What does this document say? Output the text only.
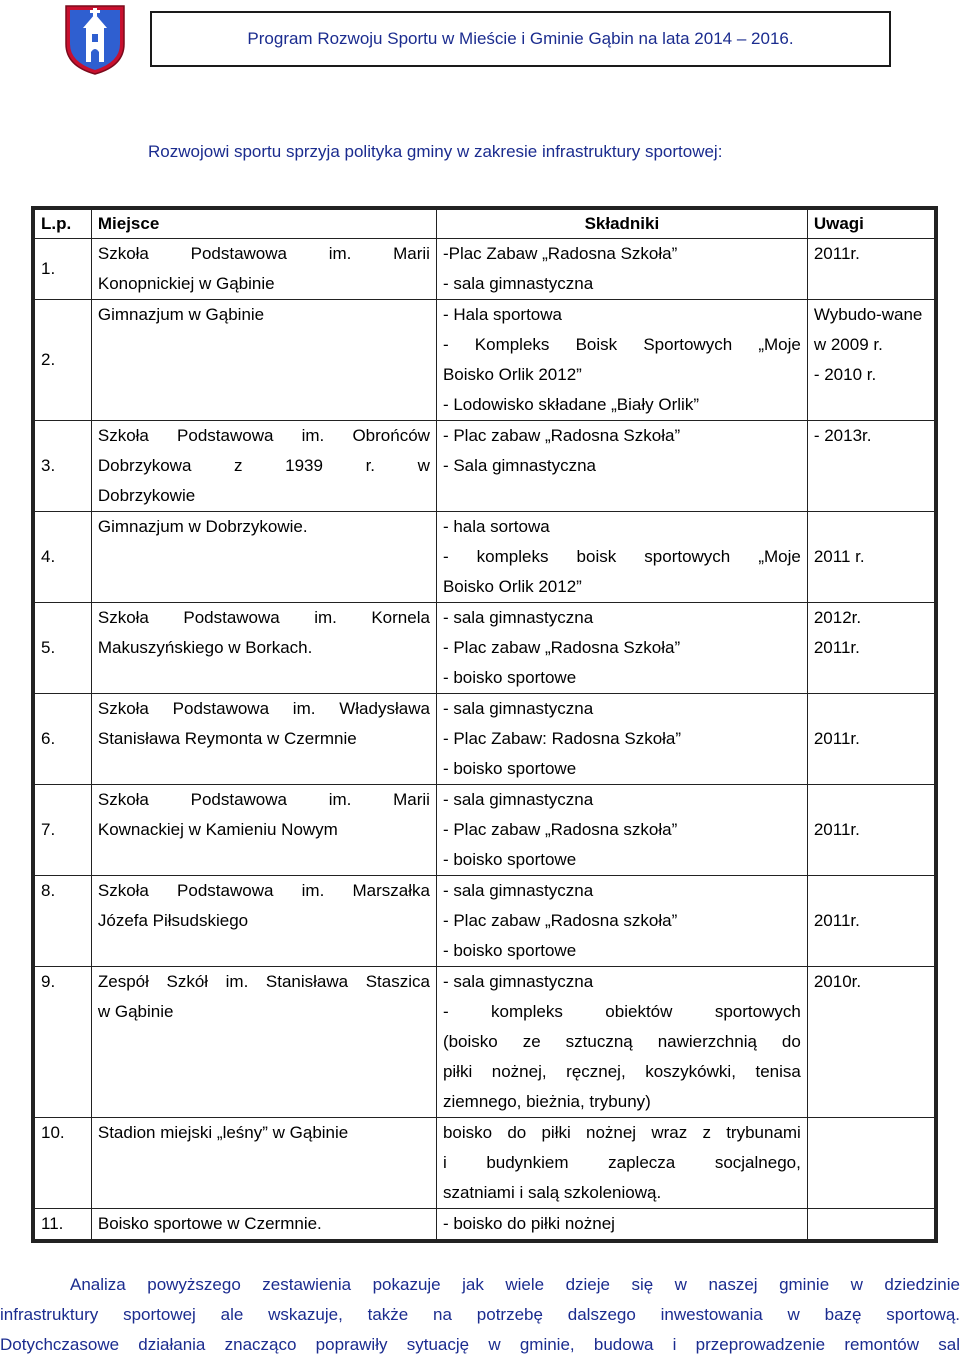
Program Rozwoju Sportu w Mieście i Gminie Gąbin na lata 2014 – 2016.
Rozwojowi sportu sprzyja polityka gminy w zakresie infrastruktury sportowej:
L.p.	Miejsce	Składniki	Uwagi
1.	Szkoła Podstawowa im. Marii
Konopnickiej w Gąbinie	-Plac Zabaw „Radosna Szkoła”
- sala gimnastyczna	2011r.

2.	Gimnazjum w Gąbinie	- Hala sportowa
- Kompleks Boisk Sportowych „Moje
Boisko Orlik 2012”
- Lodowisko składane „Biały Orlik”	Wybudo-wane
w 2009 r.
- 2010 r.

3.	Szkoła Podstawowa im. Obrońców
Dobrzykowa z 1939 r. w
Dobrzykowie	- Plac zabaw „Radosna Szkoła”
- Sala gimnastyczna	- 2013r.

4.	Gimnazjum w Dobrzykowie.	- hala sortowa
- kompleks boisk sportowych „Moje
Boisko Orlik 2012”	2011 r.

5.	Szkoła Podstawowa im. Kornela
Makuszyńskiego w Borkach.	- sala gimnastyczna
- Plac zabaw „Radosna Szkoła”
- boisko sportowe	2012r.
2011r.

6.	Szkoła Podstawowa im. Władysława
Stanisława Reymonta w Czermnie	- sala gimnastyczna
- Plac Zabaw: Radosna Szkoła”
- boisko sportowe	2011r.

7.	Szkoła Podstawowa im. Marii
Kownackiej w Kamieniu Nowym	- sala gimnastyczna
- Plac zabaw „Radosna szkoła”
- boisko sportowe	2011r.

8.	Szkoła Podstawowa im. Marszałka
Józefa Piłsudskiego	- sala gimnastyczna
- Plac zabaw „Radosna szkoła”
- boisko sportowe	2011r.

9.	Zespół Szkół im. Stanisława Staszica
w Gąbinie	- sala gimnastyczna
- kompleks obiektów sportowych
(boisko ze sztuczną nawierzchnią do
piłki nożnej, ręcznej, koszykówki, tenisa
ziemnego, bieżnia, trybuny)	2010r.

10.	Stadion miejski „leśny” w Gąbinie	boisko do piłki nożnej wraz z trybunami
i budynkiem zaplecza socjalnego,
szatniami i salą szkoleniową.	

11.	Boisko sportowe w Czermnie.	- boisko do piłki nożnej	

Analiza powyższego zestawienia pokazuje jak wiele dzieje się w naszej gminie w dziedzinie
infrastruktury sportowej ale wskazuje, także na potrzebę dalszego inwestowania w bazę sportową.
Dotychczasowe działania znacząco poprawiły sytuację w gminie, budowa i przeprowadzenie remontów sal
